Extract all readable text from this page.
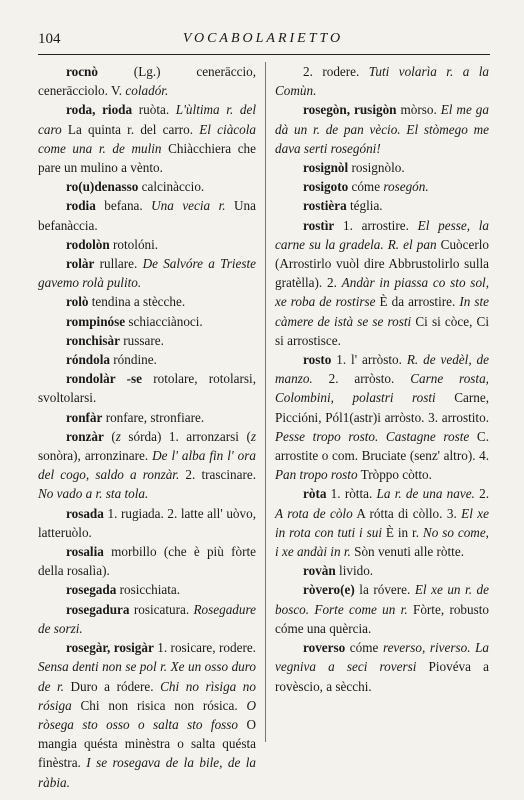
104	VOCABOLARIETTO

rocnò (Lg.) cenerāccio, cenerācciolo. V. coladór.

roda, rioda ruòta. L'ùltima r. del caro La quinta r. del carro. El ciàcola come una r. de mulin Chiàcchiera che pare un mulino a vènto.

ro(u)denasso calcinàccio.

rodia befana. Una vecia r. Una befanàccia.

rodolòn rotolóni.

rolàr rullare. De Salvóre a Trieste gavemo rolà pulito.

rolò tendina a stècche.

rompinóse schiacciànoci.

ronchisàr russare.

róndola róndine.

rondolàr -se rotolare, rotolarsi, svoltolarsi.

ronfàr ronfare, stronfiare.

ronzàr (z sórda) 1. arronzarsi (z sonòra), arronzinare. De l' alba fin l' ora del cogo, saldo a ronzàr. 2. trascinare. No vado a r. sta tola.

rosada 1. rugiada. 2. latte all' uòvo, latteruòlo.

rosalia morbillo (che è più fòrte della rosalìa).

rosegada rosicchiata.

rosegadura rosicatura. Rosegadure de sorzi.

rosegàr, rosigàr 1. rosicare, rodere. Sensa denti non se pol r. Xe un osso duro de r. Duro a ródere. Chi no rìsiga no rósiga Chi non risica non rósica. O ròsega sto osso o salta sto fosso O mangia quésta minèstra o salta quésta finèstra. I se rosegava de la bile, de la ràbia.

2. rodere. Tuti volarìa r. a la Comùn.

rosegòn, rusigòn mòrso. El me ga dà un r. de pan vècio. El stòmego me dava serti rosegóni!

rosignòl rosignòlo.

rosigoto cóme rosegón.

rostièra téglia.

rostìr 1. arrostire. El pesse, la carne su la gradela. R. el pan Cuòcerlo (Arrostirlo vuòl dire Abbrustolirlo sulla gratèlla). 2. Andàr in piassa co sto sol, xe roba de rostirse È da arrostire. In ste càmere de istà se se rosti Ci si còce, Ci si arrostisce.

rosto 1. l' arròsto. R. de vedèl, de manzo. 2. arròsto. Carne rosta, Colombini, polastri rosti Carne, Piccióni, Pól1(astr)i arròsto. 3. arrostito. Pesse tropo rosto. Castagne roste C. arrostite o com. Bruciate (senz' altro). 4. Pan tropo rosto Tròppo còtto.

ròta 1. ròtta. La r. de una nave. 2. A rota de còlo A rótta di còllo. 3. El xe in rota con tuti i sui È in r. No so come, i xe andài in r. Sòn venuti alle ròtte.

rovàn livido.

ròvero(e) la róvere. El xe un r. de bosco. Forte come un r. Fòrte, robusto cóme una quèrcia.

roverso cóme reverso, riverso. La vegniva a seci roversi Piovéva a rovèscio, a sècchi.
